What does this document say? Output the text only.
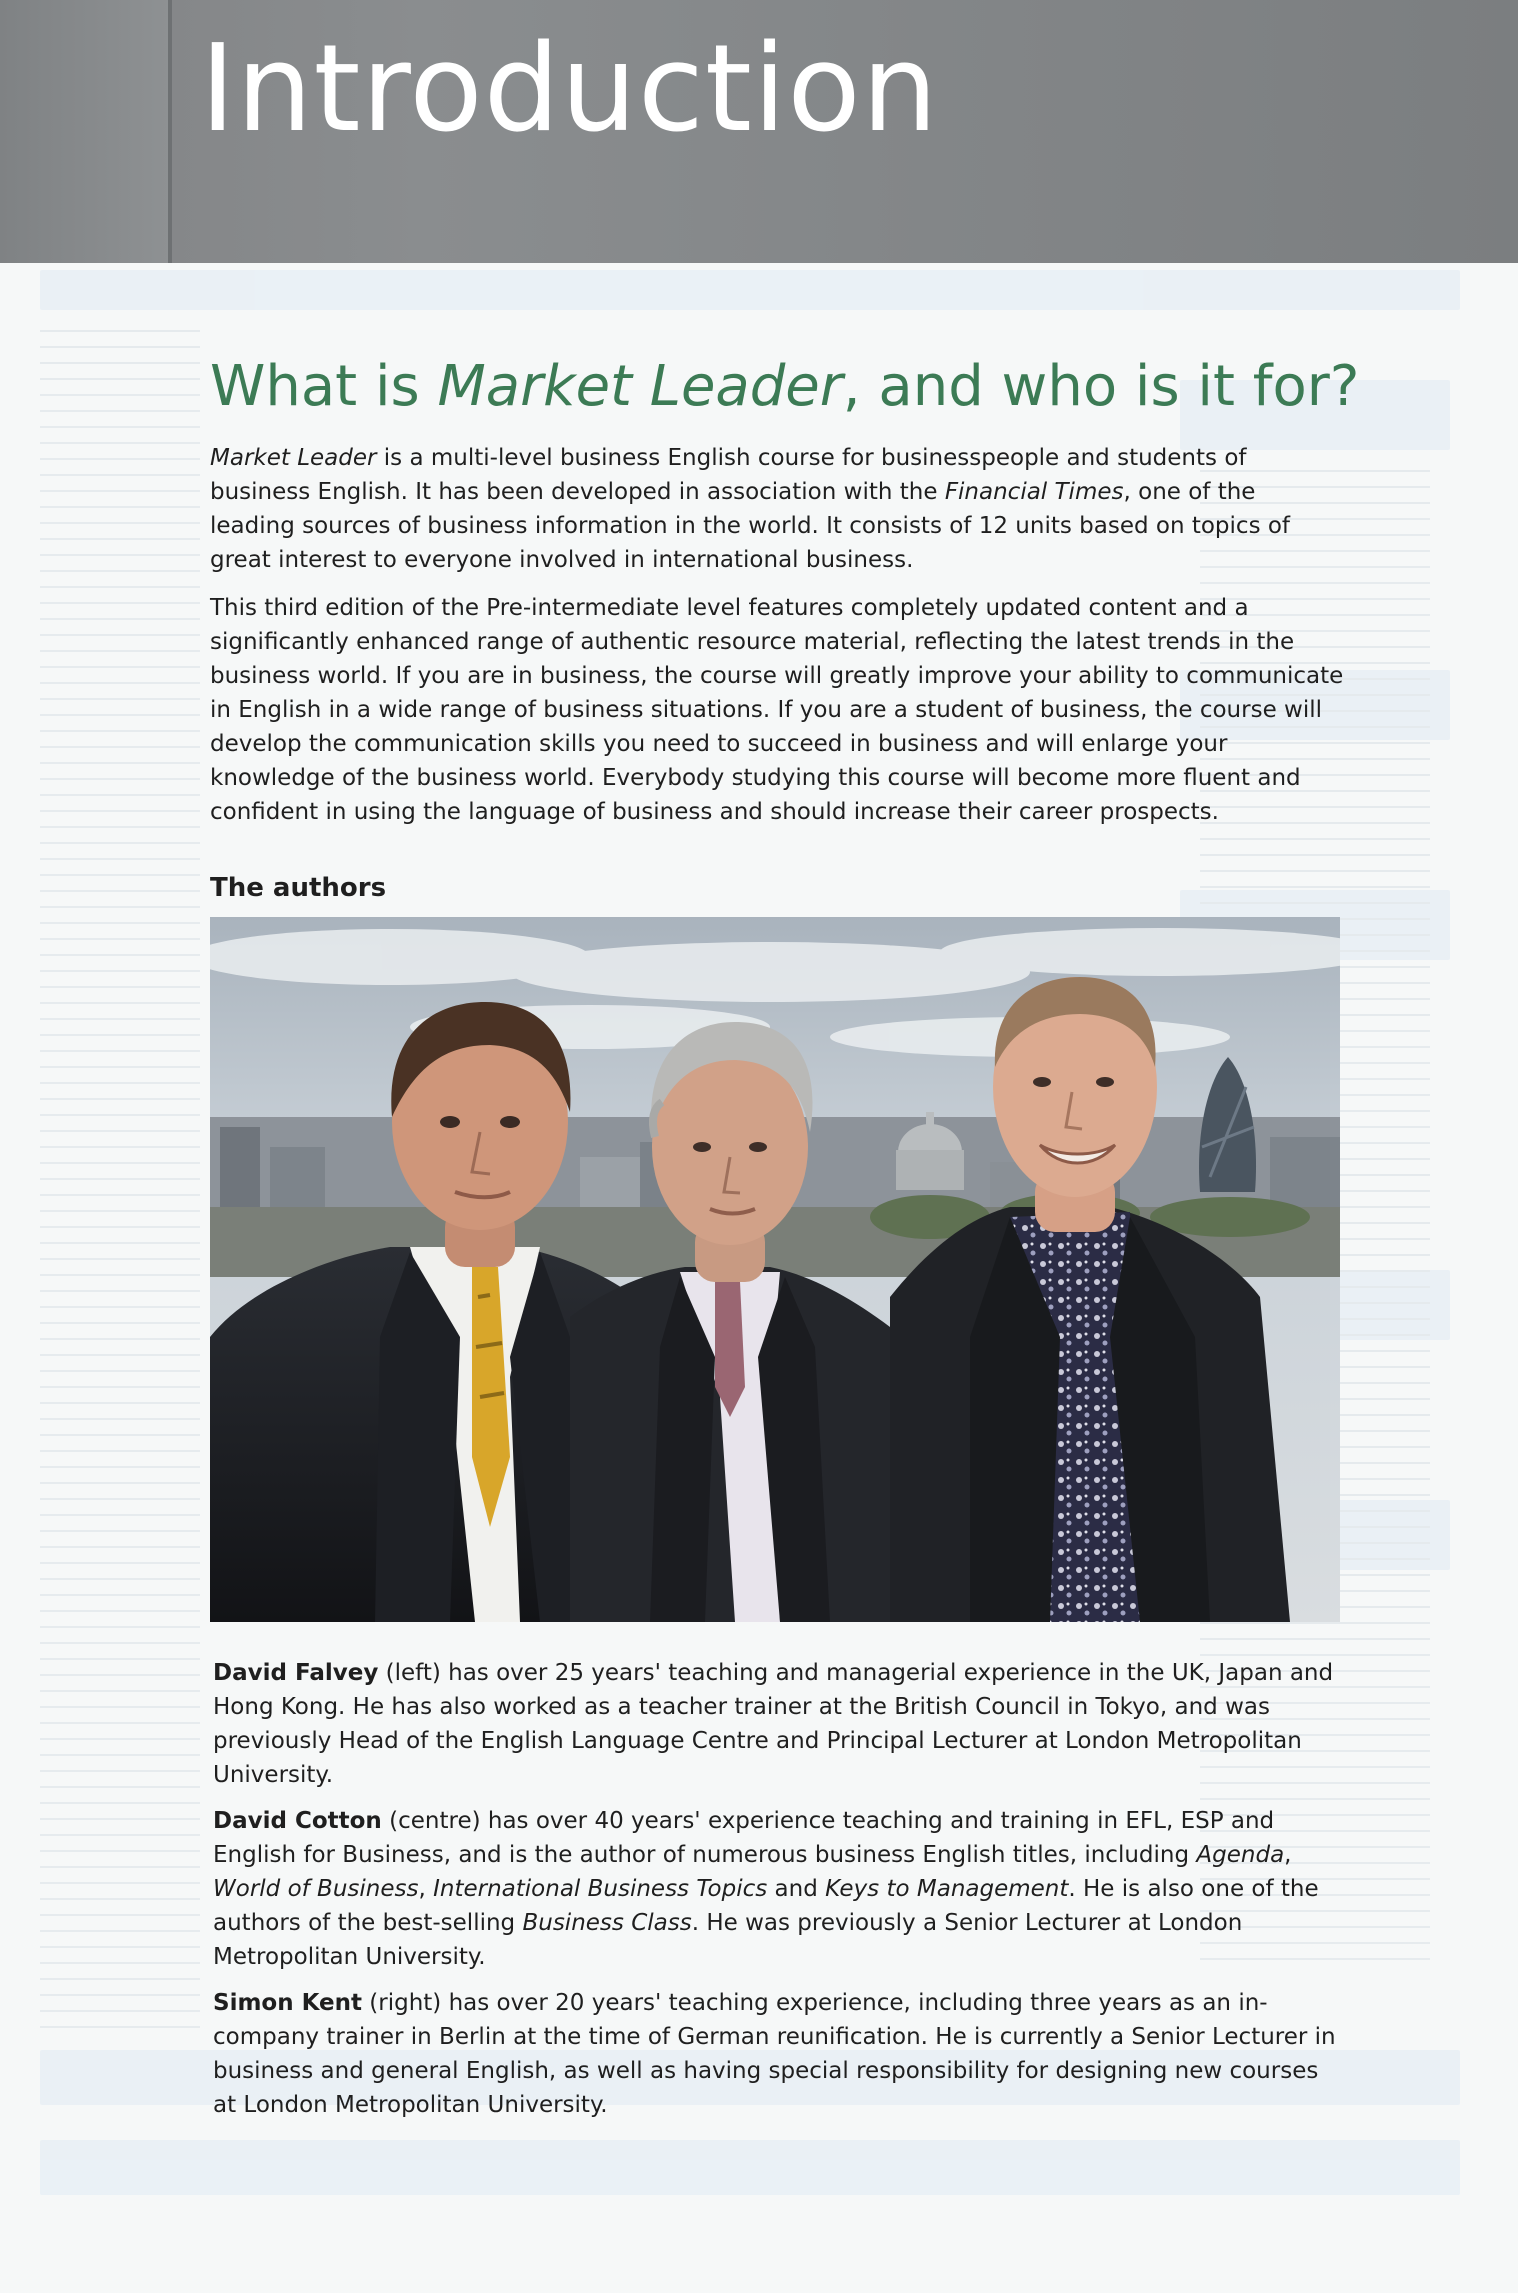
Introduction
What is Market Leader, and who is it for?

Market Leader is a multi-level business English course for businesspeople and students of business English. It has been developed in association with the Financial Times, one of the leading sources of business information in the world. It consists of 12 units based on topics of great interest to everyone involved in international business.

This third edition of the Pre-intermediate level features completely updated content and a significantly enhanced range of authentic resource material, reflecting the latest trends in the business world. If you are in business, the course will greatly improve your ability to communicate in English in a wide range of business situations. If you are a student of business, the course will develop the communication skills you need to succeed in business and will enlarge your knowledge of the business world. Everybody studying this course will become more fluent and confident in using the language of business and should increase their career prospects.

The authors

David Falvey (left) has over 25 years' teaching and managerial experience in the UK, Japan and Hong Kong. He has also worked as a teacher trainer at the British Council in Tokyo, and was previously Head of the English Language Centre and Principal Lecturer at London Metropolitan University.

David Cotton (centre) has over 40 years' experience teaching and training in EFL, ESP and English for Business, and is the author of numerous business English titles, including Agenda, World of Business, International Business Topics and Keys to Management. He is also one of the authors of the best-selling Business Class. He was previously a Senior Lecturer at London Metropolitan University.

Simon Kent (right) has over 20 years' teaching experience, including three years as an in-company trainer in Berlin at the time of German reunification. He is currently a Senior Lecturer in business and general English, as well as having special responsibility for designing new courses at London Metropolitan University.
